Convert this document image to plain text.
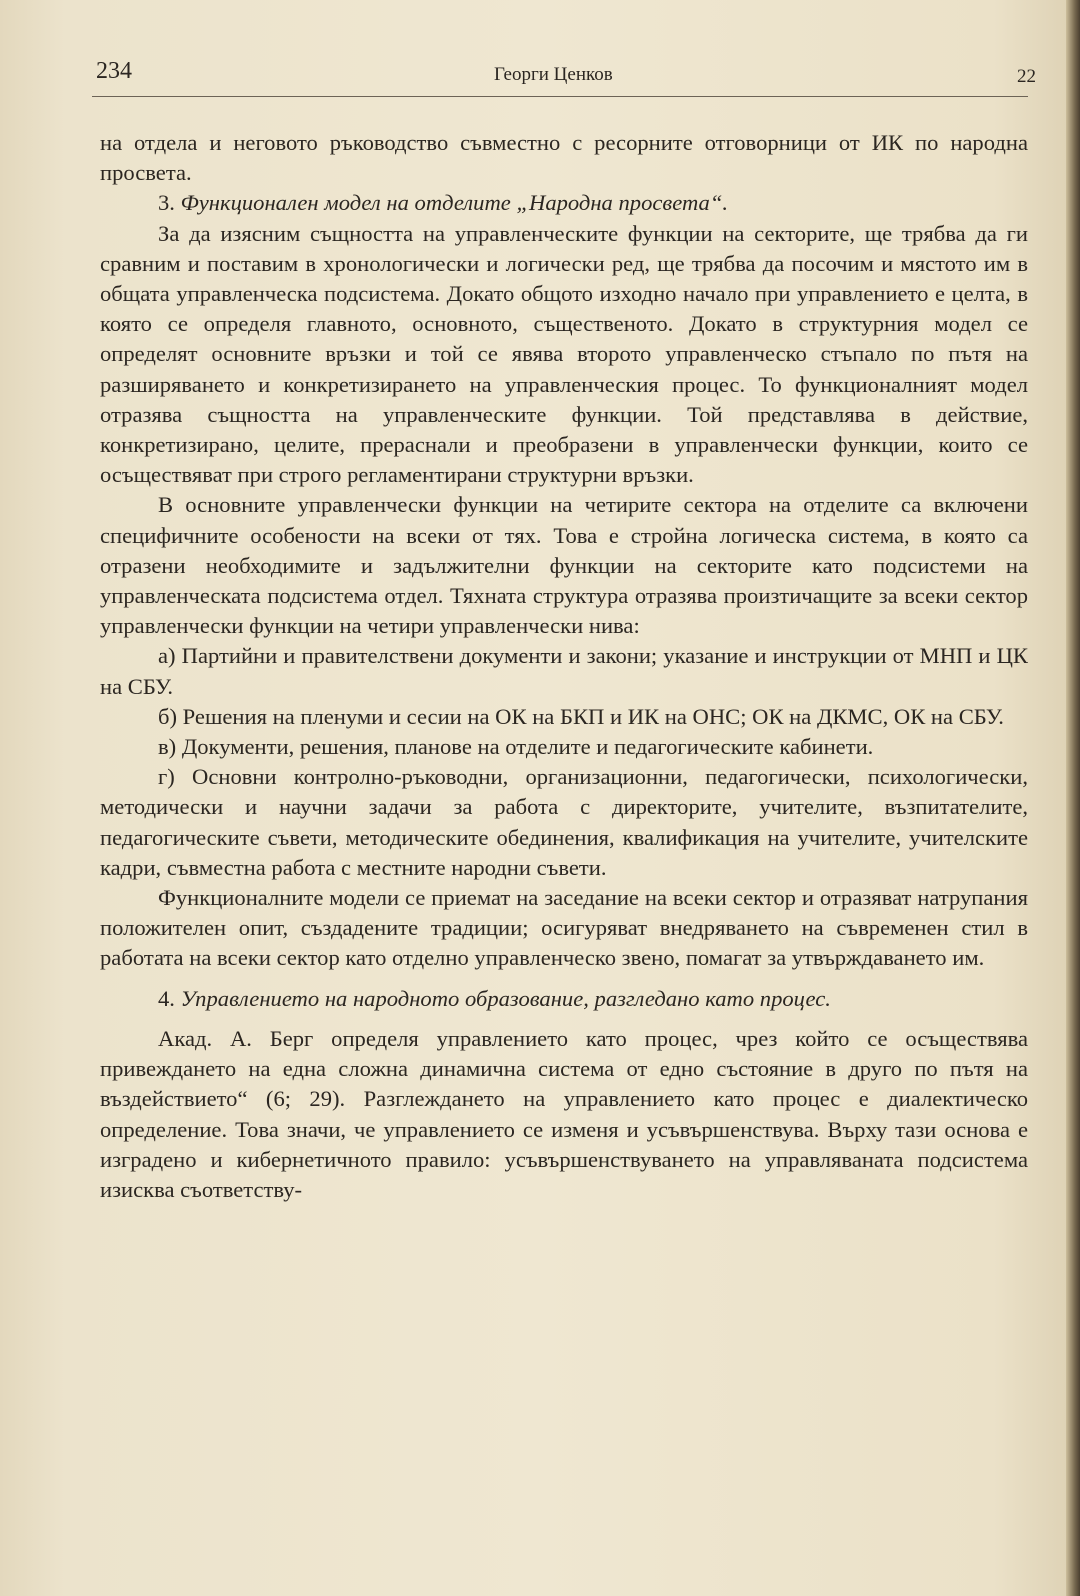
234	Георги Ценков	22

на отдела и неговото ръководство съвместно с ресорните отговорници от ИК по народна просвета.

3. Функционален модел на отделите „Народна просвета“.

За да изясним същността на управленческите функции на секторите, ще трябва да ги сравним и поставим в хронологически и логически ред, ще трябва да посочим и мястото им в общата управленческа подсистема. Докато общото изходно начало при управлението е целта, в която се определя главното, основното, същественото. Докато в структурния модел се определят основните връзки и той се явява второто управленческо стъпало по пътя на разширяването и конкретизирането на управленческия процес. То функционалният модел отразява същността на управленческите функции. Той представлява в действие, конкретизирано, целите, прераснали и преобразени в управленчески функции, които се осъществяват при строго регламентирани структурни връзки.

В основните управленчески функции на четирите сектора на отделите са включени специфичните особености на всеки от тях. Това е стройна логическа система, в която са отразени необходимите и задължителни функции на секторите като подсистеми на управленческата подсистема отдел. Тяхната структура отразява произтичащите за всеки сектор управленчески функции на четири управленчески нива:

а) Партийни и правителствени документи и закони; указание и инструкции от МНП и ЦК на СБУ.

б) Решения на пленуми и сесии на ОК на БКП и ИК на ОНС; ОК на ДКМС, ОК на СБУ.

в) Документи, решения, планове на отделите и педагогическите кабинети.

г) Основни контролно-ръководни, организационни, педагогически, психологически, методически и научни задачи за работа с директорите, учителите, възпитателите, педагогическите съвети, методическите обединения, квалификация на учителите, учителските кадри, съвместна работа с местните народни съвети.

Функционалните модели се приемат на заседание на всеки сектор и отразяват натрупания положителен опит, създадените традиции; осигуряват внедряването на съвременен стил в работата на всеки сектор като отделно управленческо звено, помагат за утвърждаването им.

4. Управлението на народното образование, разгледано като процес.

Акад. А. Берг определя управлението като процес, чрез който се осъществява привеждането на една сложна динамична система от едно състояние в друго по пътя на въздействието“ (6; 29). Разглеждането на управлението като процес е диалектическо определение. Това значи, че управлението се изменя и усъвършенствува. Върху тази основа е изградено и кибернетичното правило: усъвършенствуването на управляваната подсистема изисква съответству-
